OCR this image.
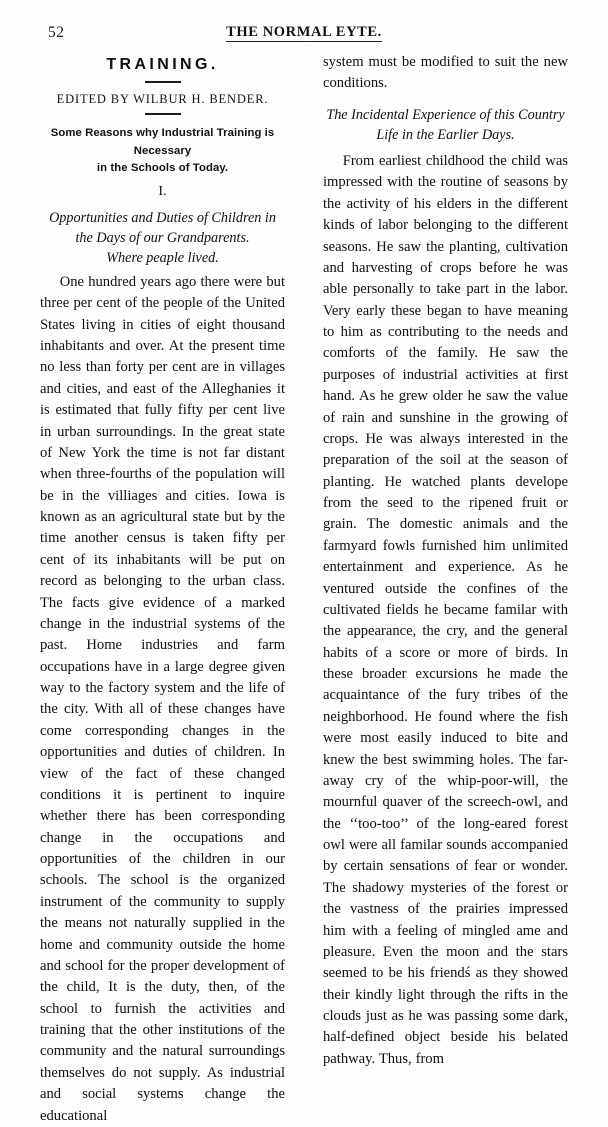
52	THE NORMAL EYTE.
TRAINING.
EDITED BY WILBUR H. BENDER.
Some Reasons why Industrial Training is Necessary
in the Schools of Today.
I.
Opportunities and Duties of Children in
the Days of our Grandparents.
Where peaple lived.

One hundred years ago there were but three per cent of the people of the United States living in cities of eight thousand inhabitants and over. At the present time no less than forty per cent are in villages and cities, and east of the Alleghanies it is estimated that fully fifty per cent live in urban surroundings. In the great state of New York the time is not far distant when three-fourths of the population will be in the villiages and cities. Iowa is known as an agricultural state but by the time another census is taken fifty per cent of its inhabitants will be put on record as belonging to the urban class. The facts give evidence of a marked change in the industrial systems of the past. Home industries and farm occupations have in a large degree given way to the factory system and the life of the city. With all of these changes have come corresponding changes in the opportunities and duties of children. In view of the fact of these changed conditions it is pertinent to inquire whether there has been corresponding change in the occupations and opportunities of the children in our schools. The school is the organized instrument of the community to supply the means not naturally supplied in the home and community outside the home and school for the proper development of the child, It is the duty, then, of the school to furnish the activities and training that the other institutions of the community and the natural surroundings themselves do not supply. As industrial and social systems change the educational

system must be modified to suit the new conditions.

The Incidental Experience of this Country
Life in the Earlier Days.

From earliest childhood the child was impressed with the routine of seasons by the activity of his elders in the different kinds of labor belonging to the different seasons. He saw the planting, cultivation and harvesting of crops before he was able personally to take part in the labor. Very early these began to have meaning to him as contributing to the needs and comforts of the family. He saw the purposes of industrial activities at first hand. As he grew older he saw the value of rain and sunshine in the growing of crops. He was always interested in the preparation of the soil at the season of planting. He watched plants develope from the seed to the ripened fruit or grain. The domestic animals and the farmyard fowls furnished him unlimited entertainment and experience. As he ventured outside the confines of the cultivated fields he became familar with the appearance, the cry, and the general habits of a score or more of birds. In these broader excursions he made the acquaintance of the fury tribes of the neighborhood. He found where the fish were most easily induced to bite and knew the best swimming holes. The far-away cry of the whip-poor-will, the mournful quaver of the screech-owl, and the ‘‘too-too’’ of the long-eared forest owl were all familar sounds accompanied by certain sensations of fear or wonder. The shadowy mysteries of the forest or the vastness of the prairies impressed him with a feeling of mingled ame and pleasure. Even the moon and the stars seemed to be his friendś as they showed their kindly light through the rifts in the clouds just as he was passing some dark, half-defined object beside his belated pathway. Thus, from
